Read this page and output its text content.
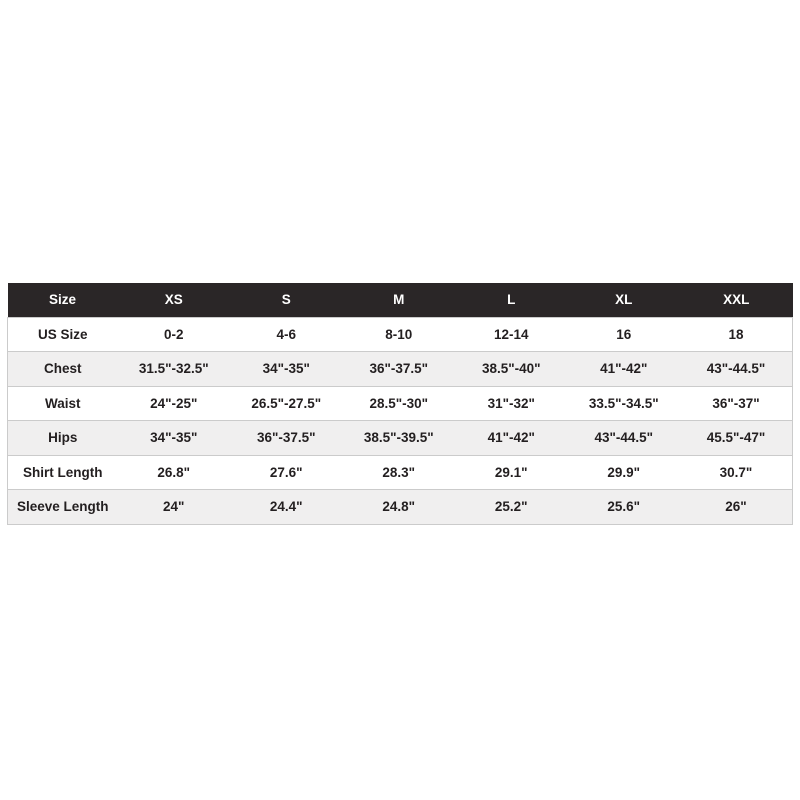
Size	XS	S	M	L	XL	XXL
US Size	0-2	4-6	8-10	12-14	16	18
Chest	31.5"-32.5"	34"-35"	36"-37.5"	38.5"-40"	41"-42"	43"-44.5"
Waist	24"-25"	26.5"-27.5"	28.5"-30"	31"-32"	33.5"-34.5"	36"-37"
Hips	34"-35"	36"-37.5"	38.5"-39.5"	41"-42"	43"-44.5"	45.5"-47"
Shirt Length	26.8"	27.6"	28.3"	29.1"	29.9"	30.7"
Sleeve Length	24"	24.4"	24.8"	25.2"	25.6"	26"
